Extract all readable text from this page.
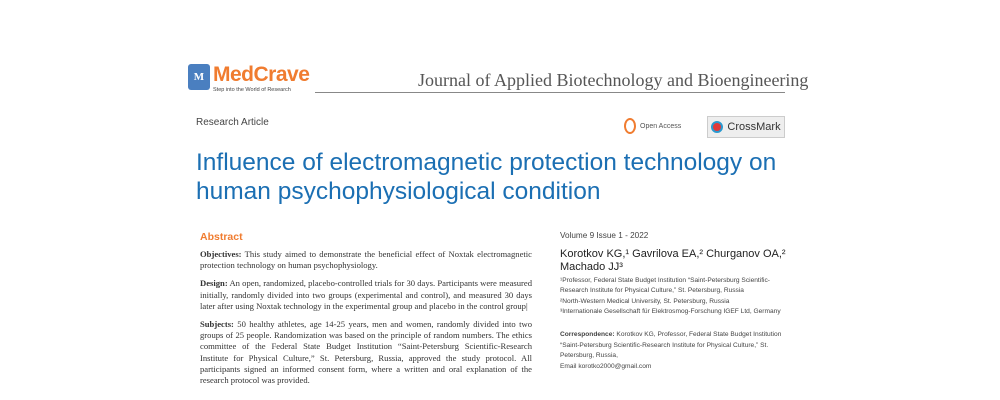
M MedCrave
Step into the World of Research	Journal of Applied Biotechnology and Bioengineering
Research Article	Open Access	CrossMark
Influence of electromagnetic protection technology on human psychophysiological condition
Abstract

Objectives: This study aimed to demonstrate the beneficial effect of Noxtak electromagnetic protection technology on human psychophysiology.

Design: An open, randomized, placebo-controlled trials for 30 days. Participants were measured initially, randomly divided into two groups (experimental and control), and measured 30 days later after using Noxtak technology in the experimental group and placebo in the control group|

Subjects: 50 healthy athletes, age 14-25 years, men and women, randomly divided into two groups of 25 people. Randomization was based on the principle of random numbers. The ethics committee of the Federal State Budget Institution “Saint-Petersburg Scientific-Research Institute for Physical Culture,” St. Petersburg, Russia, approved the study protocol. All participants signed an informed consent form, where a written and oral explanation of the research protocol was provided.

Volume 9 Issue 1 - 2022
Korotkov KG,¹ Gavrilova EA,² Churganov OA,² Machado JJ³
¹Professor, Federal State Budget Institution “Saint-Petersburg Scientific-Research Institute for Physical Culture,” St. Petersburg, Russia
²North-Western Medical University, St. Petersburg, Russia
³Internationale Gesellschaft für Elektrosmog-Forschung IGEF Ltd, Germany
Correspondence: Korotkov KG, Professor, Federal State Budget Institution “Saint-Petersburg Scientific-Research Institute for Physical Culture,” St. Petersburg, Russia,
Email korotko2000@gmail.com
